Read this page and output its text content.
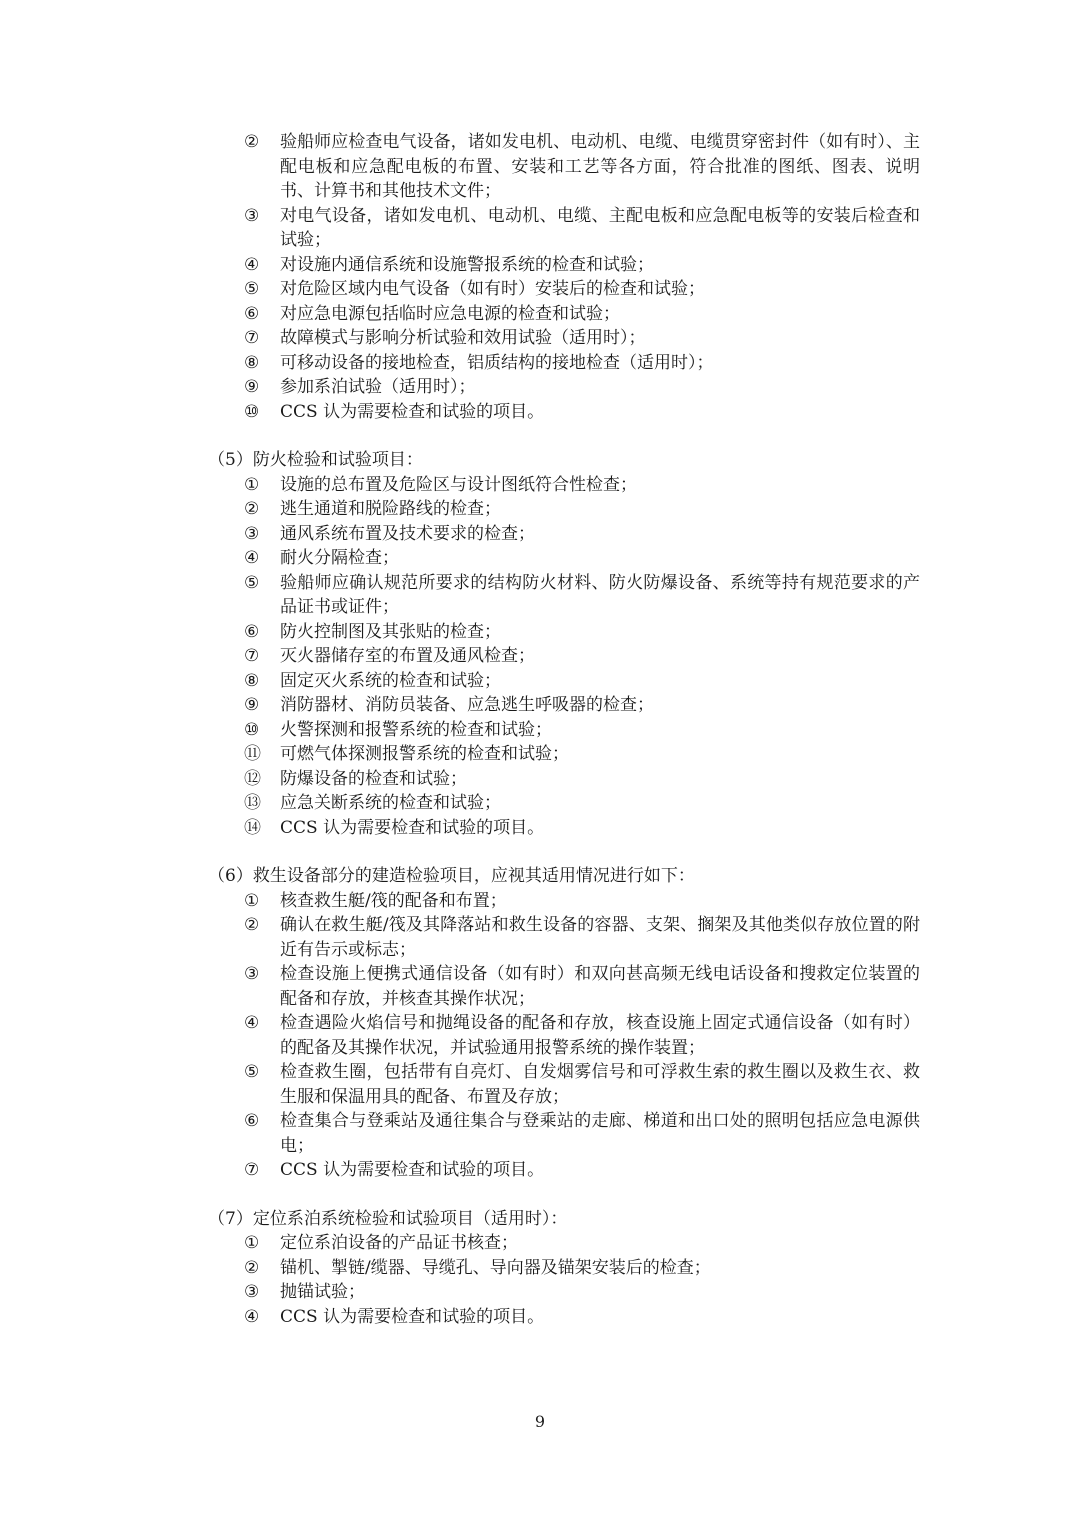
②	验船师应检查电气设备，诸如发电机、电动机、电缆、电缆贯穿密封件（如有时）、主配电板和应急配电板的布置、安装和工艺等各方面，符合批准的图纸、图表、说明书、计算书和其他技术文件；
③	对电气设备，诸如发电机、电动机、电缆、主配电板和应急配电板等的安装后检查和试验；
④	对设施内通信系统和设施警报系统的检查和试验；
⑤	对危险区域内电气设备（如有时）安装后的检查和试验；
⑥	对应急电源包括临时应急电源的检查和试验；
⑦	故障模式与影响分析试验和效用试验（适用时）；
⑧	可移动设备的接地检查，铝质结构的接地检查（适用时）；
⑨	参加系泊试验（适用时）；
⑩	CCS 认为需要检查和试验的项目。

（5）防火检验和试验项目：

①	设施的总布置及危险区与设计图纸符合性检查；
②	逃生通道和脱险路线的检查；
③	通风系统布置及技术要求的检查；
④	耐火分隔检查；
⑤	验船师应确认规范所要求的结构防火材料、防火防爆设备、系统等持有规范要求的产品证书或证件；
⑥	防火控制图及其张贴的检查；
⑦	灭火器储存室的布置及通风检查；
⑧	固定灭火系统的检查和试验；
⑨	消防器材、消防员装备、应急逃生呼吸器的检查；
⑩	火警探测和报警系统的检查和试验；
⑪	可燃气体探测报警系统的检查和试验；
⑫	防爆设备的检查和试验；
⑬	应急关断系统的检查和试验；
⑭	CCS 认为需要检查和试验的项目。

（6）救生设备部分的建造检验项目，应视其适用情况进行如下：

①	核查救生艇/筏的配备和布置；
②	确认在救生艇/筏及其降落站和救生设备的容器、支架、搁架及其他类似存放位置的附近有告示或标志；
③	检查设施上便携式通信设备（如有时）和双向甚高频无线电话设备和搜救定位装置的配备和存放，并核查其操作状况；
④	检查遇险火焰信号和抛绳设备的配备和存放，核查设施上固定式通信设备（如有时）的配备及其操作状况，并试验通用报警系统的操作装置；
⑤	检查救生圈，包括带有自亮灯、自发烟雾信号和可浮救生索的救生圈以及救生衣、救生服和保温用具的配备、布置及存放；
⑥	检查集合与登乘站及通往集合与登乘站的走廊、梯道和出口处的照明包括应急电源供电；
⑦	CCS 认为需要检查和试验的项目。

（7）定位系泊系统检验和试验项目（适用时）：

①	定位系泊设备的产品证书核查；
②	锚机、掣链/缆器、导缆孔、导向器及锚架安装后的检查；
③	抛锚试验；
④	CCS 认为需要检查和试验的项目。
9
